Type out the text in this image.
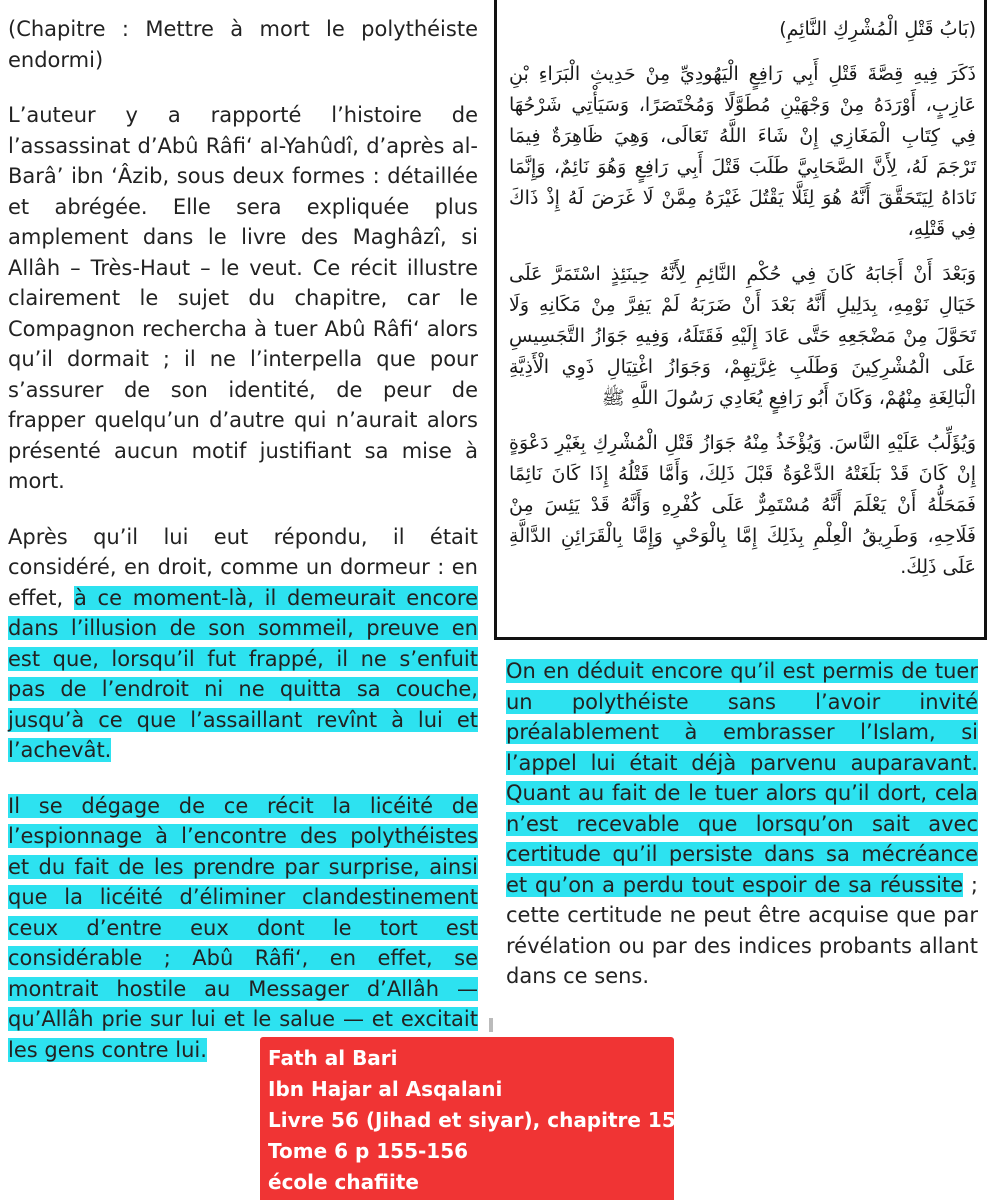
(Chapitre : Mettre à mort le polythéiste endormi)

L’auteur y a rapporté l’histoire de l’assassinat d’Abû Râfi‘ al-Yahûdî, d’après al-Barâ’ ibn ‘Âzib, sous deux formes : détaillée et abrégée. Elle sera expliquée plus amplement dans le livre des Maghâzî, si Allâh – Très-Haut – le veut. Ce récit illustre clairement le sujet du chapitre, car le Compagnon rechercha à tuer Abû Râfi‘ alors qu’il dormait ; il ne l’interpella que pour s’assurer de son identité, de peur de frapper quelqu’un d’autre qui n’aurait alors présenté aucun motif justifiant sa mise à mort.

Après qu’il lui eut répondu, il était considéré, en droit, comme un dormeur : en effet, à ce moment-là, il demeurait encore dans l’illusion de son sommeil, preuve en est que, lorsqu’il fut frappé, il ne s’enfuit pas de l’endroit ni ne quitta sa couche, jusqu’à ce que l’assaillant revînt à lui et l’achevât.

Il se dégage de ce récit la licéité de l’espionnage à l’encontre des polythéistes et du fait de les prendre par surprise, ainsi que la licéité d’éliminer clandestinement ceux d’entre eux dont le tort est considérable ; Abû Râfi‘, en effet, se montrait hostile au Messager d’Allâh — qu’Allâh prie sur lui et le salue — et excitait les gens contre lui.

(بَابُ قَتْلِ الْمُشْرِكِ النَّائِمِ)

ذَكَرَ فِيهِ قِصَّةَ قَتْلِ أَبِي رَافِعٍ الْيَهُودِيِّ مِنْ حَدِيثِ الْبَرَاءِ بْنِ عَازِبٍ، أَوْرَدَهُ مِنْ وَجْهَيْنِ مُطَوَّلًا وَمُخْتَصَرًا، وَسَيَأْتِي شَرْحُهَا فِي كِتَابِ الْمَغَازِي إِنْ شَاءَ اللَّهُ تَعَالَى، وَهِيَ ظَاهِرَةٌ فِيمَا تَرْجَمَ لَهُ، لِأَنَّ الصَّحَابِيَّ طَلَبَ قَتْلَ أَبِي رَافِعٍ وَهُوَ نَائِمٌ، وَإِنَّمَا نَادَاهُ لِيَتَحَقَّقَ أَنَّهُ هُوَ لِئَلَّا يَقْتُلَ غَيْرَهُ مِمَّنْ لَا غَرَضَ لَهُ إِذْ ذَاكَ فِي قَتْلِهِ،

وَبَعْدَ أَنْ أَجَابَهُ كَانَ فِي حُكْمِ النَّائِمِ لِأَنَّهُ حِينَئِذٍ اسْتَمَرَّ عَلَى خَيَالِ نَوْمِهِ، بِدَلِيلِ أَنَّهُ بَعْدَ أَنْ ضَرَبَهُ لَمْ يَفِرَّ مِنْ مَكَانِهِ وَلَا تَحَوَّلَ مِنْ مَضْجَعِهِ حَتَّى عَادَ إِلَيْهِ فَقَتَلَهُ، وَفِيهِ جَوَازُ التَّجَسِيسِ عَلَى الْمُشْرِكِينَ وَطَلَبِ غِرَّتِهِمْ، وَجَوَازُ اغْتِيَالِ ذَوِي الْأَذِيَّةِ الْبَالِغَةِ مِنْهُمْ، وَكَانَ أَبُو رَافِعٍ يُعَادِي رَسُولَ اللَّهِ ﷺ

وَيُؤَلِّبُ عَلَيْهِ النَّاسَ. وَيُؤْخَذُ مِنْهُ جَوَازُ قَتْلِ الْمُشْرِكِ بِغَيْرِ دَعْوَةٍ إِنْ كَانَ قَدْ بَلَغَتْهُ الدَّعْوَةُ قَبْلَ ذَلِكَ، وَأَمَّا قَتْلُهُ إِذَا كَانَ نَائِمًا فَمَحَلُّهُ أَنْ يَعْلَمَ أَنَّهُ مُسْتَمِرٌّ عَلَى كُفْرِهِ وَأَنَّهُ قَدْ يَئِسَ مِنْ فَلَاحِهِ، وَطَرِيقُ الْعِلْمِ بِذَلِكَ إِمَّا بِالْوَحْيِ وَإِمَّا بِالْقَرَائِنِ الدَّالَّةِ عَلَى ذَلِكَ.

On en déduit encore qu’il est permis de tuer un polythéiste sans l’avoir invité préalablement à embrasser l’Islam, si l’appel lui était déjà parvenu auparavant. Quant au fait de le tuer alors qu’il dort, cela n’est recevable que lorsqu’on sait avec certitude qu’il persiste dans sa mécréance et qu’on a perdu tout espoir de sa réussite ; cette certitude ne peut être acquise que par révélation ou par des indices probants allant dans ce sens.

Fath al Bari
Ibn Hajar al Asqalani
Livre 56 (Jihad et siyar), chapitre 155
Tome 6 p 155-156
école chafiite
